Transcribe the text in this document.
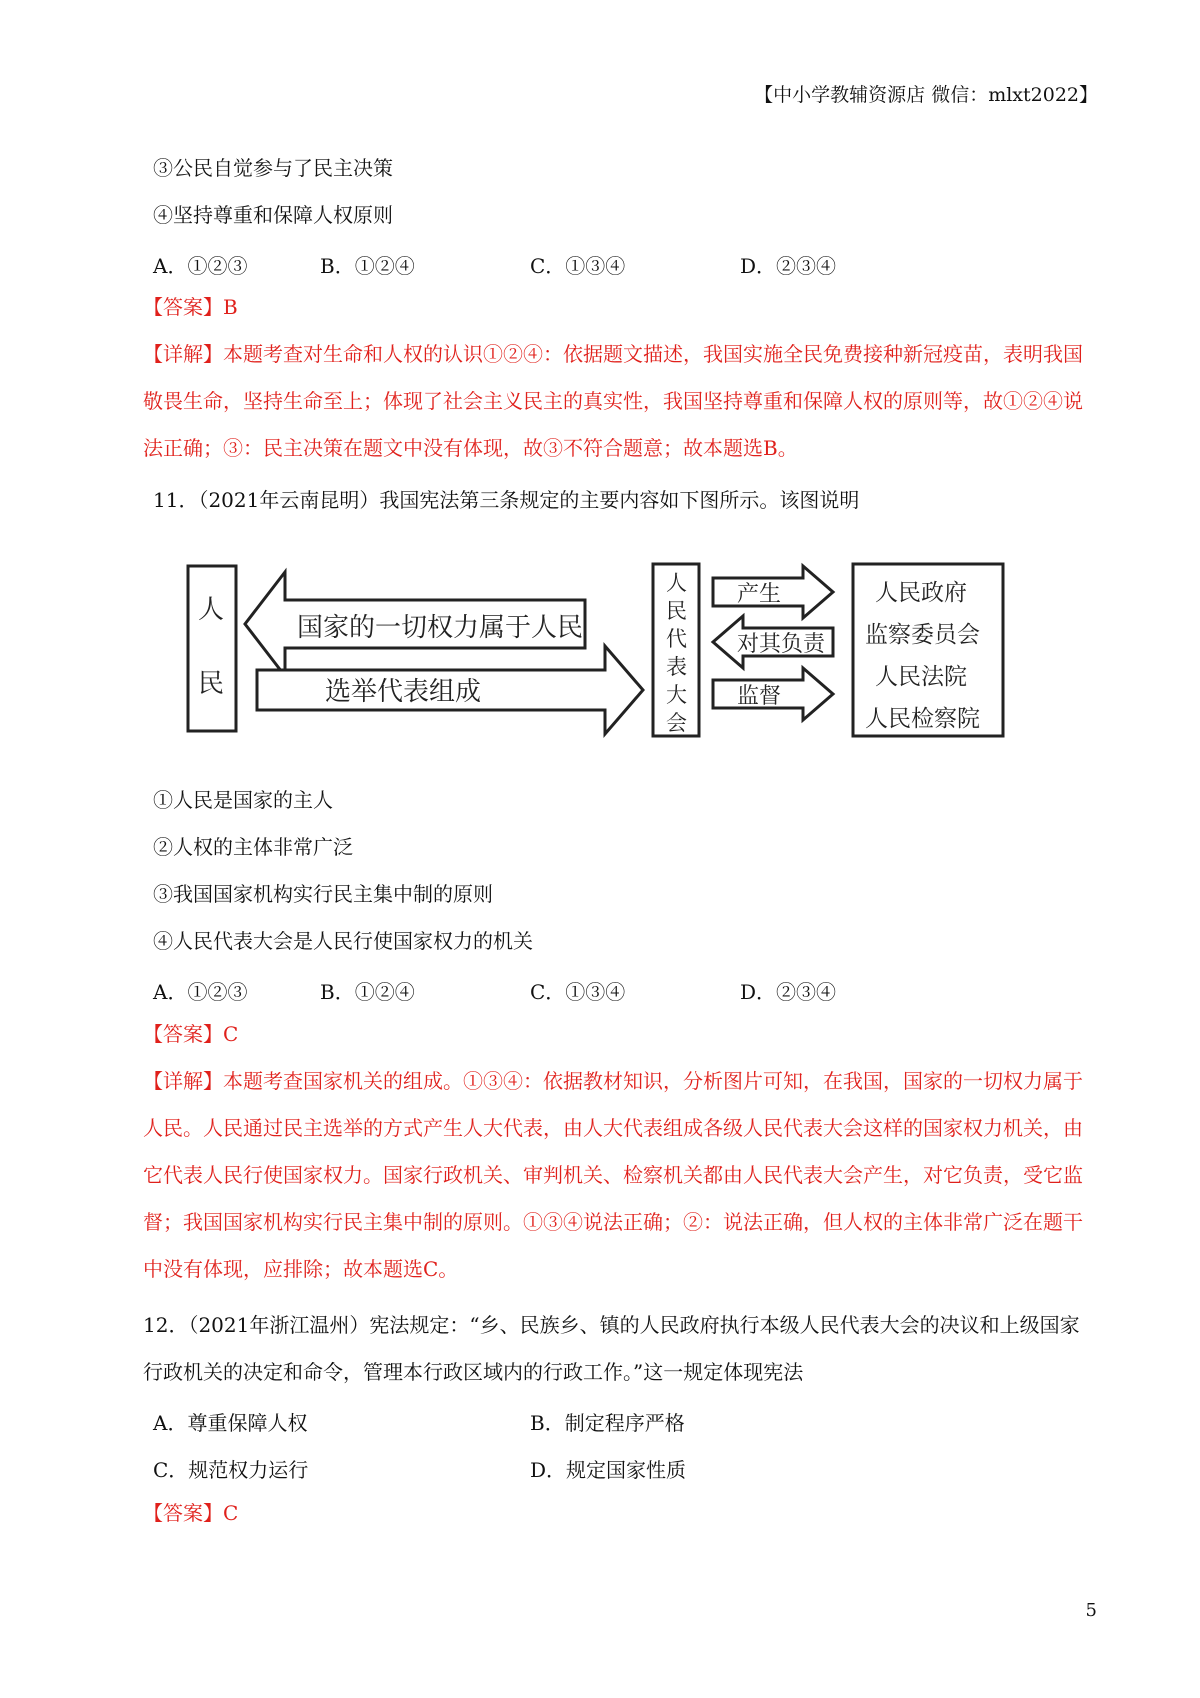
【中小学教辅资源店 微信：mlxt2022】
③公民自觉参与了民主决策
④坚持尊重和保障人权原则
A．①②③	B．①②④	C．①③④	D．②③④
【答案】B
【详解】本题考查对生命和人权的认识①②④：依据题文描述，我国实施全民免费接种新冠疫苗，表明我国敬畏生命，坚持生命至上；体现了社会主义民主的真实性，我国坚持尊重和保障人权的原则等，故①②④说法正确；③：民主决策在题文中没有体现，故③不符合题意；故本题选B。
11．（2021年云南昆明）我国宪法第三条规定的主要内容如下图所示。该图说明
人
民
国家的一切权力属于人民
选举代表组成
产生
对其负责
监督
人民政府
监察委员会
人民法院
人民检察院
人
民
代
表
大
会
①人民是国家的主人
②人权的主体非常广泛
③我国国家机构实行民主集中制的原则
④人民代表大会是人民行使国家权力的机关
A．①②③	B．①②④	C．①③④	D．②③④
【答案】C
【详解】本题考查国家机关的组成。①③④：依据教材知识，分析图片可知，在我国，国家的一切权力属于人民。人民通过民主选举的方式产生人大代表，由人大代表组成各级人民代表大会这样的国家权力机关，由它代表人民行使国家权力。国家行政机关、审判机关、检察机关都由人民代表大会产生，对它负责，受它监督；我国国家机构实行民主集中制的原则。①③④说法正确；②：说法正确，但人权的主体非常广泛在题干中没有体现，应排除；故本题选C。
12．（2021年浙江温州）宪法规定：“乡、民族乡、镇的人民政府执行本级人民代表大会的决议和上级国家行政机关的决定和命令，管理本行政区域内的行政工作。”这一规定体现宪法
A．尊重保障人权	B．制定程序严格
C．规范权力运行	D．规定国家性质
【答案】C
5
